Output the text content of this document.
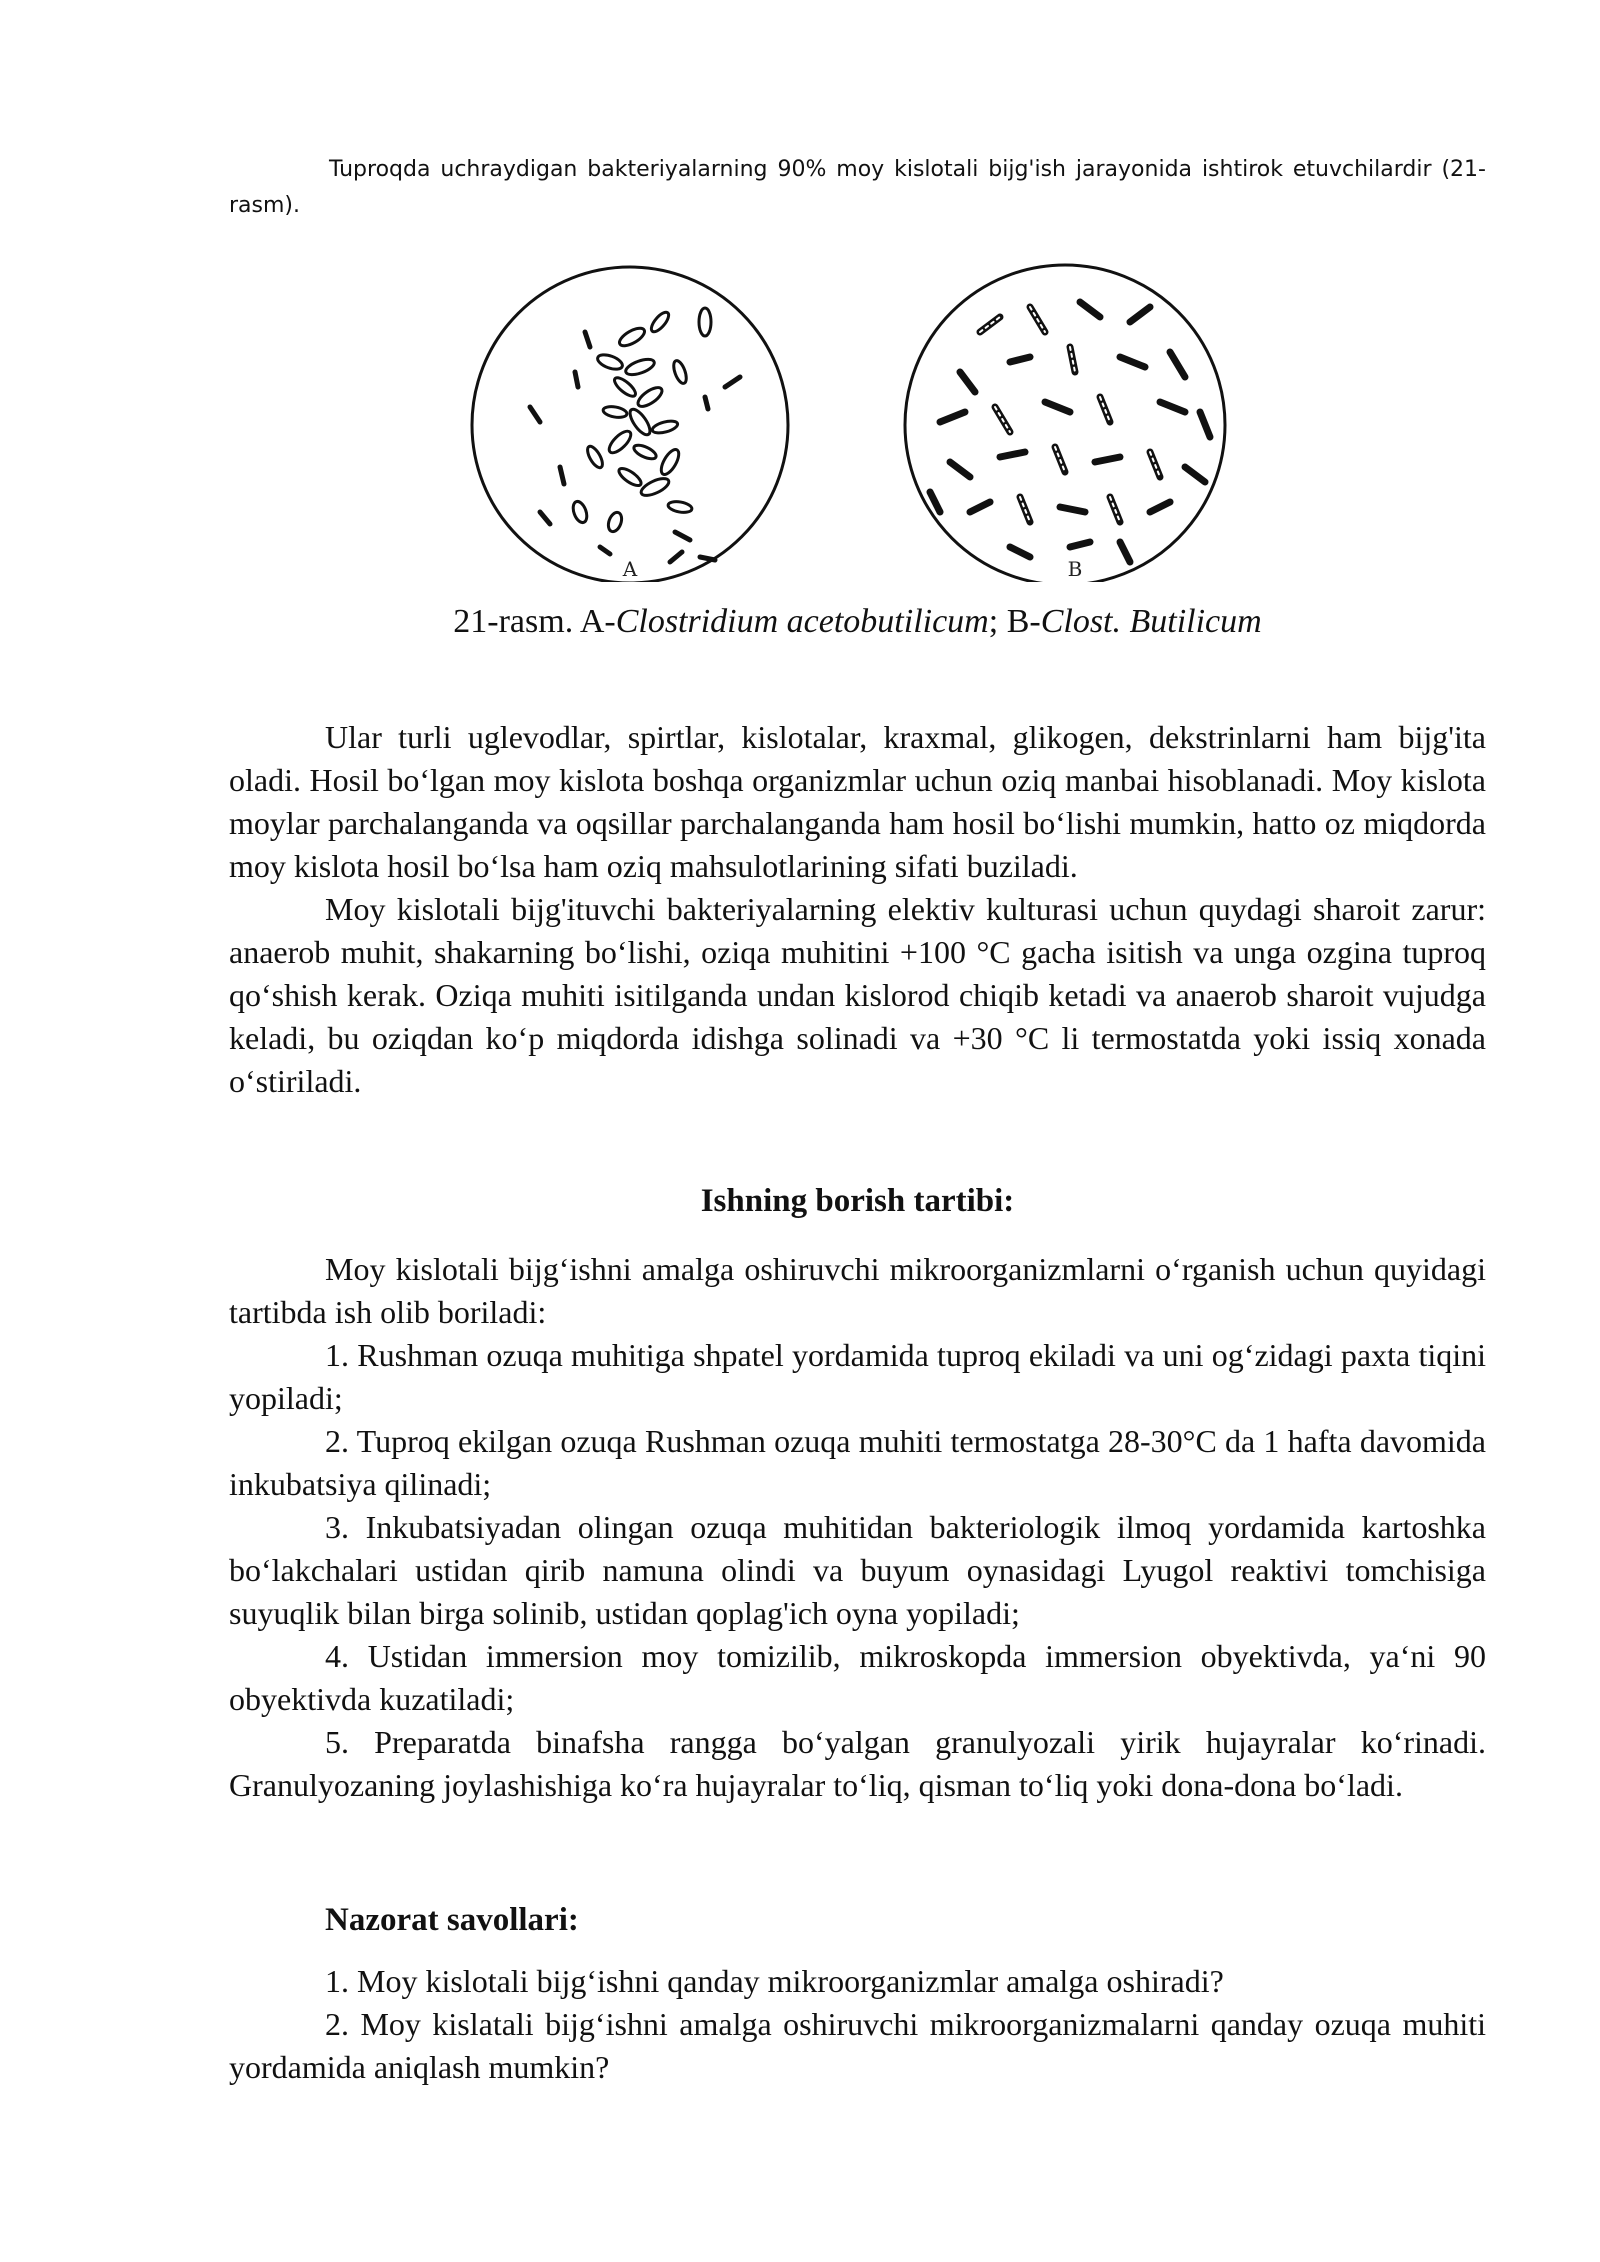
Tuproqda uchraydigan bakteriyalarning 90% moy kislotali bijg'ish jarayonida ishtirok etuvchilardir (21-rasm).

A	B

21-rasm. A-Clostridium acetobutilicum; B-Clost. Butilicum

Ular turli uglevodlar, spirtlar, kislotalar, kraxmal, glikogen, dekstrinlarni ham bijg'ita oladi. Hosil bo‘lgan moy kislota boshqa organizmlar uchun oziq manbai hisoblanadi. Moy kislota moylar parchalanganda va oqsillar parchalanganda ham hosil bo‘lishi mumkin, hatto oz miqdorda moy kislota hosil bo‘lsa ham oziq mahsulotlarining sifati buziladi.

Moy kislotali bijg'ituvchi bakteriyalarning elektiv kulturasi uchun quydagi sharoit zarur: anaerob muhit, shakarning bo‘lishi, oziqa muhitini +100 °C gacha isitish va unga ozgina tuproq qo‘shish kerak. Oziqa muhiti isitilganda undan kislorod chiqib ketadi va anaerob sharoit vujudga keladi, bu oziqdan ko‘p miqdorda idishga solinadi va +30 °C li termostatda yoki issiq xonada o‘stiriladi.

Ishning borish tartibi:

Moy kislotali bijg‘ishni amalga oshiruvchi mikroorganizmlarni o‘rganish uchun quyidagi tartibda ish olib boriladi:

1. Rushman ozuqa muhitiga shpatel yordamida tuproq ekiladi va uni og‘zidagi paxta tiqini yopiladi;

2. Tuproq ekilgan ozuqa Rushman ozuqa muhiti termostatga 28-30°C da 1 hafta davomida inkubatsiya qilinadi;

3. Inkubatsiyadan olingan ozuqa muhitidan bakteriologik ilmoq yordamida kartoshka bo‘lakchalari ustidan qirib namuna olindi va buyum oynasidagi Lyugol reaktivi tomchisiga suyuqlik bilan birga solinib, ustidan qoplag'ich oyna yopiladi;

4. Ustidan immersion moy tomizilib, mikroskopda immersion obyektivda, ya‘ni 90 obyektivda kuzatiladi;

5. Preparatda binafsha rangga bo‘yalgan granulyozali yirik hujayralar ko‘rinadi. Granulyozaning joylashishiga ko‘ra hujayralar to‘liq, qisman to‘liq yoki dona-dona bo‘ladi.

Nazorat savollari:

1. Moy kislotali bijg‘ishni qanday mikroorganizmlar amalga oshiradi?

2. Moy kislatali bijg‘ishni amalga oshiruvchi mikroorganizmalarni qanday ozuqa muhiti yordamida aniqlash mumkin?
